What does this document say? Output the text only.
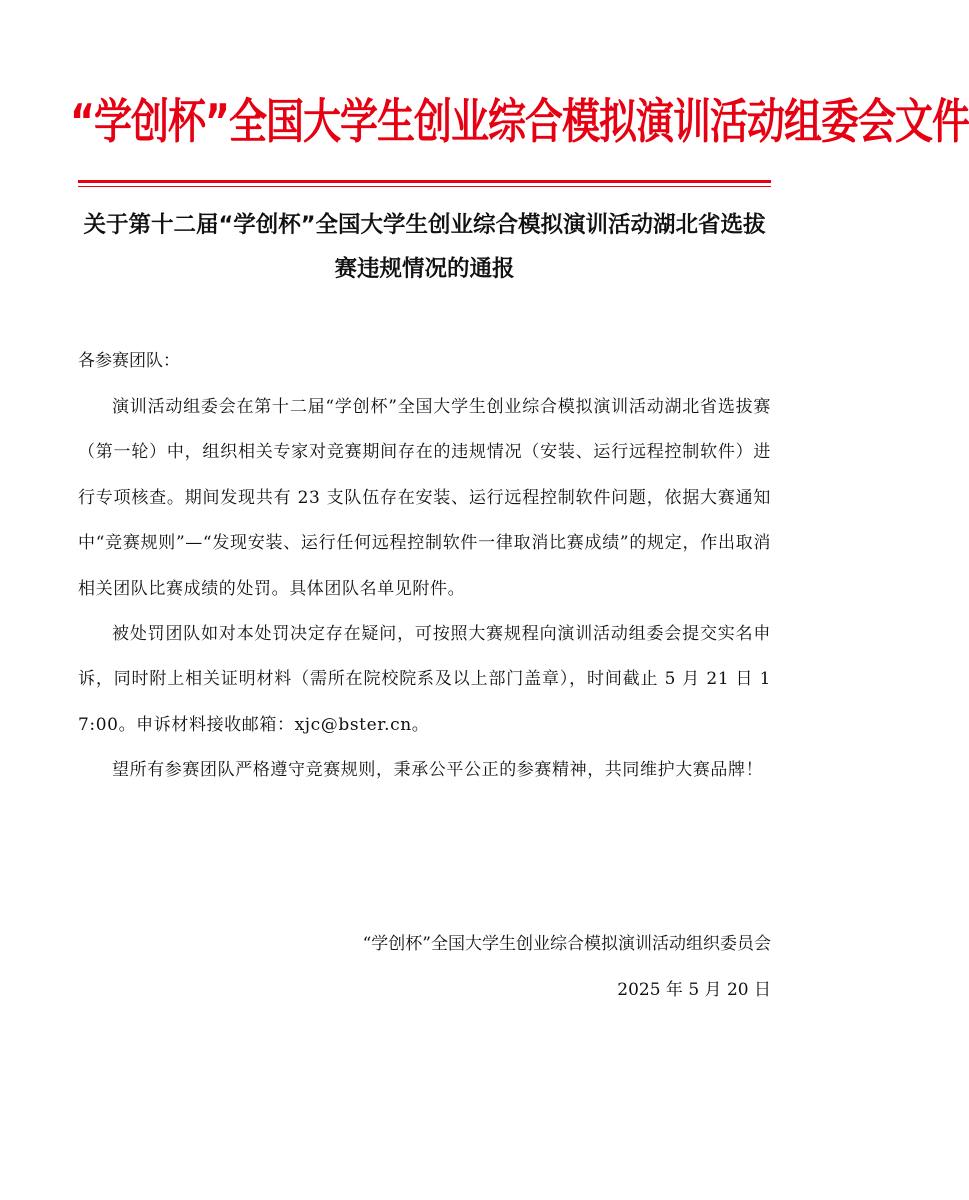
“学创杯”全国大学生创业综合模拟演训活动组委会文件
关于第十二届“学创杯”全国大学生创业综合模拟演训活动湖北省选拔赛违规情况的通报
各参赛团队：

演训活动组委会在第十二届“学创杯”全国大学生创业综合模拟演训活动湖北省选拔赛（第一轮）中，组织相关专家对竞赛期间存在的违规情况（安装、运行远程控制软件）进行专项核查。期间发现共有 23 支队伍存在安装、运行远程控制软件问题，依据大赛通知中“竞赛规则”—“发现安装、运行任何远程控制软件一律取消比赛成绩”的规定，作出取消相关团队比赛成绩的处罚。具体团队名单见附件。

被处罚团队如对本处罚决定存在疑问，可按照大赛规程向演训活动组委会提交实名申诉，同时附上相关证明材料（需所在院校院系及以上部门盖章），时间截止 5 月 21 日 17:00。申诉材料接收邮箱：xjc@bster.cn。

望所有参赛团队严格遵守竞赛规则，秉承公平公正的参赛精神，共同维护大赛品牌！

“学创杯”全国大学生创业综合模拟演训活动组织委员会
2025 年 5 月 20 日
